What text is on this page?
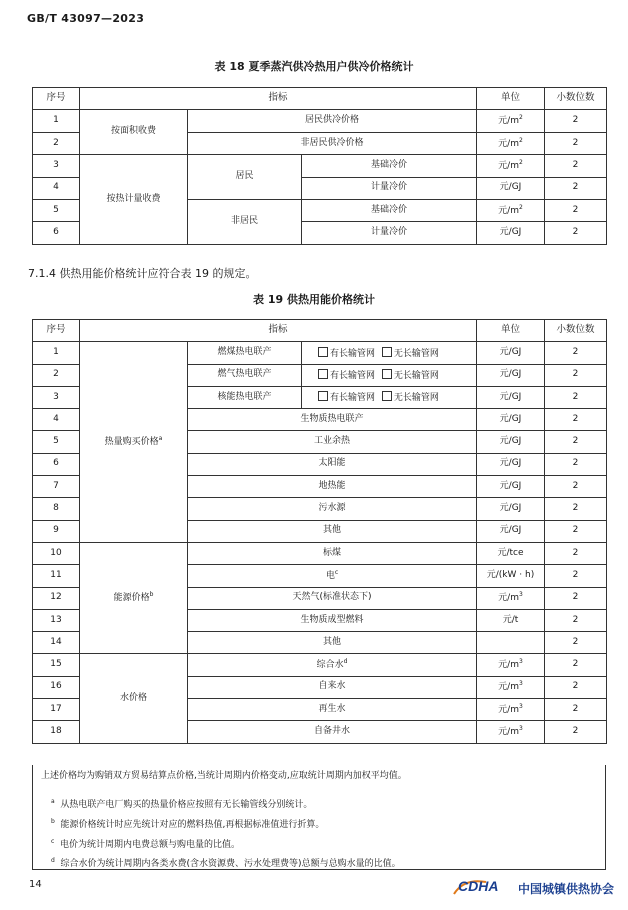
GB/T 43097—2023
表 18 夏季蒸汽供冷热用户供冷价格统计
序号	指标			单位	小数位数
1	按面积收费	居民供冷价格		元$/m^2$	2
2		非居民供冷价格		元$/m^2$	2
3	按热计量收费	居民	基础冷价	元$/m^2$	2
4			计量冷价	元/GJ	2
5		非居民	基础冷价	元$/m^2$	2
6			计量冷价	元/GJ	2
7.1.4 供热用能价格统计应符合表 19 的规定。
表 19 供热用能价格统计
序号	指标			单位	小数位数
1	热量购买价格$^a$	燃煤热电联产	有长输管网 无长输管网	元/GJ	2
2		燃气热电联产	有长输管网 无长输管网	元/GJ	2
3		核能热电联产	有长输管网 无长输管网	元/GJ	2
4		生物质热电联产		元/GJ	2
5		工业余热		元/GJ	2
6		太阳能		元/GJ	2
7		地热能		元/GJ	2
8		污水源		元/GJ	2
9		其他		元/GJ	2
10	能源价格$^b$	标煤		元/tce	2
11		电$^c$		元/(kW · h)	2
12		天然气(标准状态下)		元$/m^3$	2
13		生物质成型燃料		元/t	2
14		其他			2
15	水价格	综合水$^d$		元$/m^3$	2
16		自来水		元$/m^3$	2
17		再生水		元$/m^3$	2
18		自备井水		元$/m^3$	2
上述价格均为购销双方贸易结算点价格,当统计周期内价格变动,应取统计周期内加权平均值。
$^a$ 从热电联产电厂购买的热量价格应按照有无长输管线分别统计。
$^b$ 能源价格统计时应先统计对应的燃料热值,再根据标准值进行折算。
$^c$ 电价为统计周期内电费总额与购电量的比值。
$^d$ 综合水价为统计周期内各类水费(含水资源费、污水处理费等)总额与总购水量的比值。
14	CDHA 中国城镇供热协会
